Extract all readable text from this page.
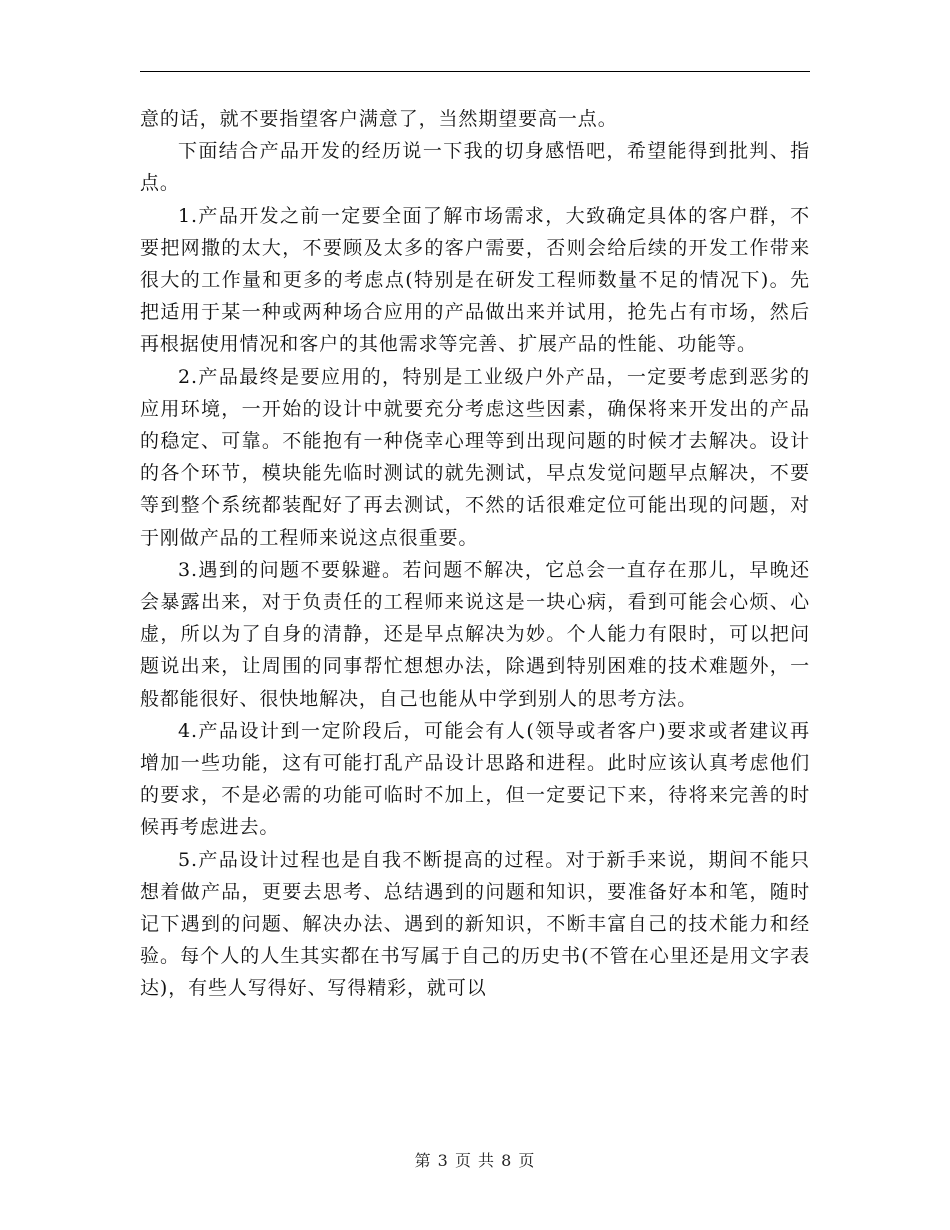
意的话，就不要指望客户满意了，当然期望要高一点。

下面结合产品开发的经历说一下我的切身感悟吧，希望能得到批判、指点。

1.产品开发之前一定要全面了解市场需求，大致确定具体的客户群，不要把网撒的太大，不要顾及太多的客户需要，否则会给后续的开发工作带来很大的工作量和更多的考虑点(特别是在研发工程师数量不足的情况下)。先把适用于某一种或两种场合应用的产品做出来并试用，抢先占有市场，然后再根据使用情况和客户的其他需求等完善、扩展产品的性能、功能等。

2.产品最终是要应用的，特别是工业级户外产品，一定要考虑到恶劣的应用环境，一开始的设计中就要充分考虑这些因素，确保将来开发出的产品的稳定、可靠。不能抱有一种侥幸心理等到出现问题的时候才去解决。设计的各个环节，模块能先临时测试的就先测试，早点发觉问题早点解决，不要等到整个系统都装配好了再去测试，不然的话很难定位可能出现的问题，对于刚做产品的工程师来说这点很重要。

3.遇到的问题不要躲避。若问题不解决，它总会一直存在那儿，早晚还会暴露出来，对于负责任的工程师来说这是一块心病，看到可能会心烦、心虚，所以为了自身的清静，还是早点解决为妙。个人能力有限时，可以把问题说出来，让周围的同事帮忙想想办法，除遇到特别困难的技术难题外，一般都能很好、很快地解决，自己也能从中学到别人的思考方法。

4.产品设计到一定阶段后，可能会有人(领导或者客户)要求或者建议再增加一些功能，这有可能打乱产品设计思路和进程。此时应该认真考虑他们的要求，不是必需的功能可临时不加上，但一定要记下来，待将来完善的时候再考虑进去。

5.产品设计过程也是自我不断提高的过程。对于新手来说，期间不能只想着做产品，更要去思考、总结遇到的问题和知识，要准备好本和笔，随时记下遇到的问题、解决办法、遇到的新知识，不断丰富自己的技术能力和经验。每个人的人生其实都在书写属于自己的历史书(不管在心里还是用文字表达)，有些人写得好、写得精彩，就可以

第 3 页 共 8 页
